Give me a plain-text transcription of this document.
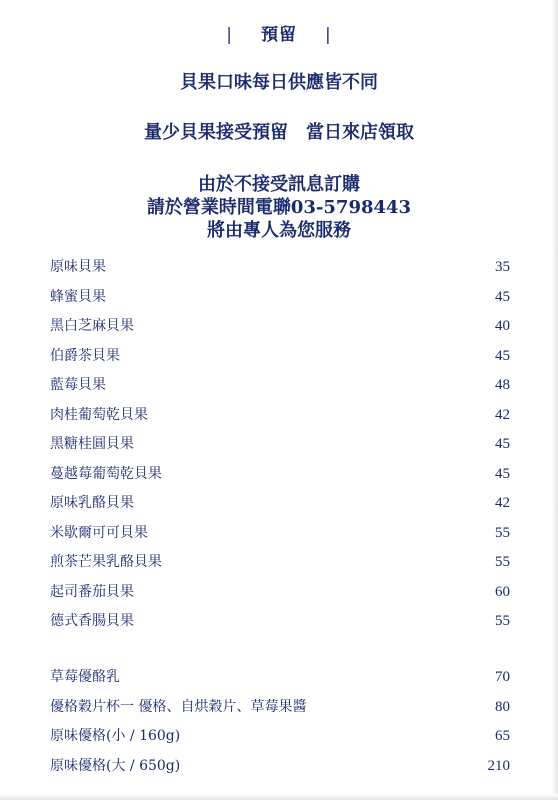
| 預留 |
貝果口味每日供應皆不同
量少貝果接受預留　當日來店領取
由於不接受訊息訂購
請於營業時間電聯03-5798443
將由專人為您服務
原味貝果	35
蜂蜜貝果	45
黑白芝麻貝果	40
伯爵茶貝果	45
藍莓貝果	48
肉桂葡萄乾貝果	42
黑糖桂圓貝果	45
蔓越莓葡萄乾貝果	45
原味乳酪貝果	42
米歇爾可可貝果	55
煎茶芒果乳酪貝果	55
起司番茄貝果	60
德式香腸貝果	55
草莓優酪乳	70
優格穀片杯一 優格、自烘穀片、草莓果醬	80
原味優格(小 / 160g)	65
原味優格(大 / 650g)	210
